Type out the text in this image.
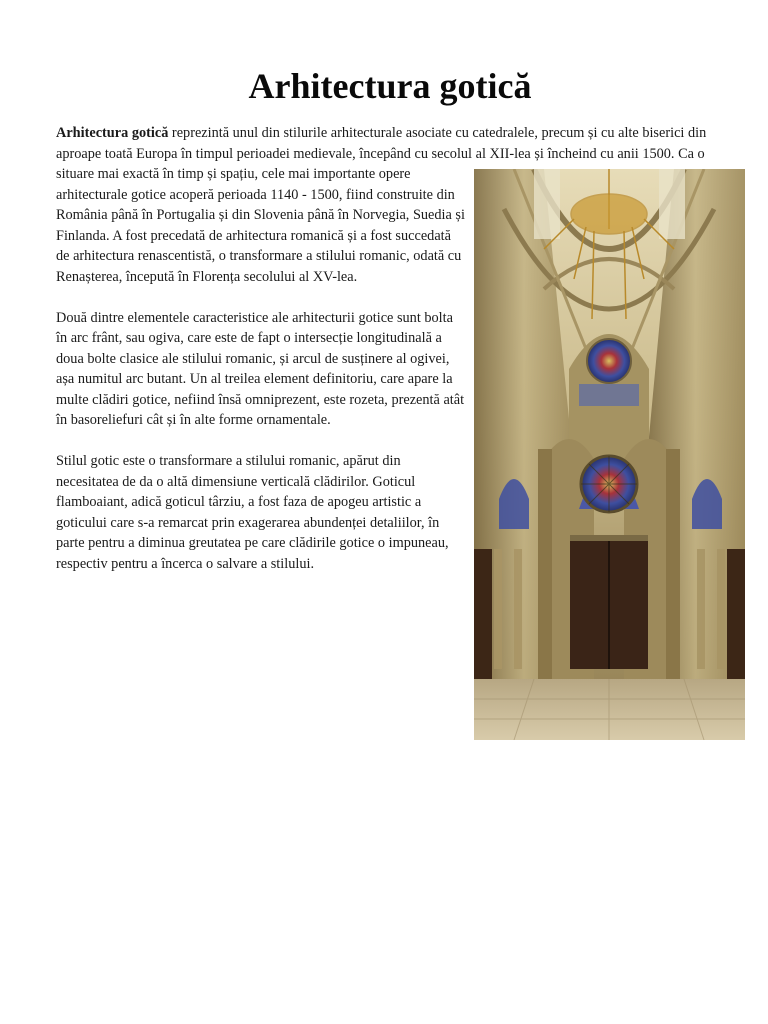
Arhitectura gotică

Arhitectura gotică reprezintă unul din stilurile arhitecturale asociate cu catedralele, precum și cu alte biserici din aproape toată Europa în timpul perioadei medievale, începând cu secolul al XII-lea și încheind cu anii 1500. Ca o situare mai exactă în timp și spațiu, cele mai importante opere arhitecturale gotice acoperă perioada 1140 - 1500, fiind construite din România până în Portugalia și din Slovenia până în Norvegia, Suedia și Finlanda. A fost precedată de arhitectura romanică și a fost succedată de arhitectura renascentistă, o transformare a stilului romanic, odată cu Renașterea, începută în Florența secolului al XV-lea.

Două dintre elementele caracteristice ale arhitecturii gotice sunt bolta în arc frânt, sau ogiva, care este de fapt o intersecție longitudinală a doua bolte clasice ale stilului romanic, și arcul de susținere al ogivei, așa numitul arc butant. Un al treilea element definitoriu, care apare la multe clădiri gotice, nefiind însă omniprezent, este rozeta, prezentă atât în basoreliefuri cât și în alte forme ornamentale.

Stilul gotic este o transformare a stilului romanic, apărut din necesitatea de da o altă dimensiune verticală clădirilor. Goticul flamboaiant, adică goticul târziu, a fost faza de apogeu artistic a goticului care s-a remarcat prin exagerarea abundenței detaliilor, în parte pentru a diminua greutatea pe care clădirile gotice o impuneau, respectiv pentru a încerca o salvare a stilului.
